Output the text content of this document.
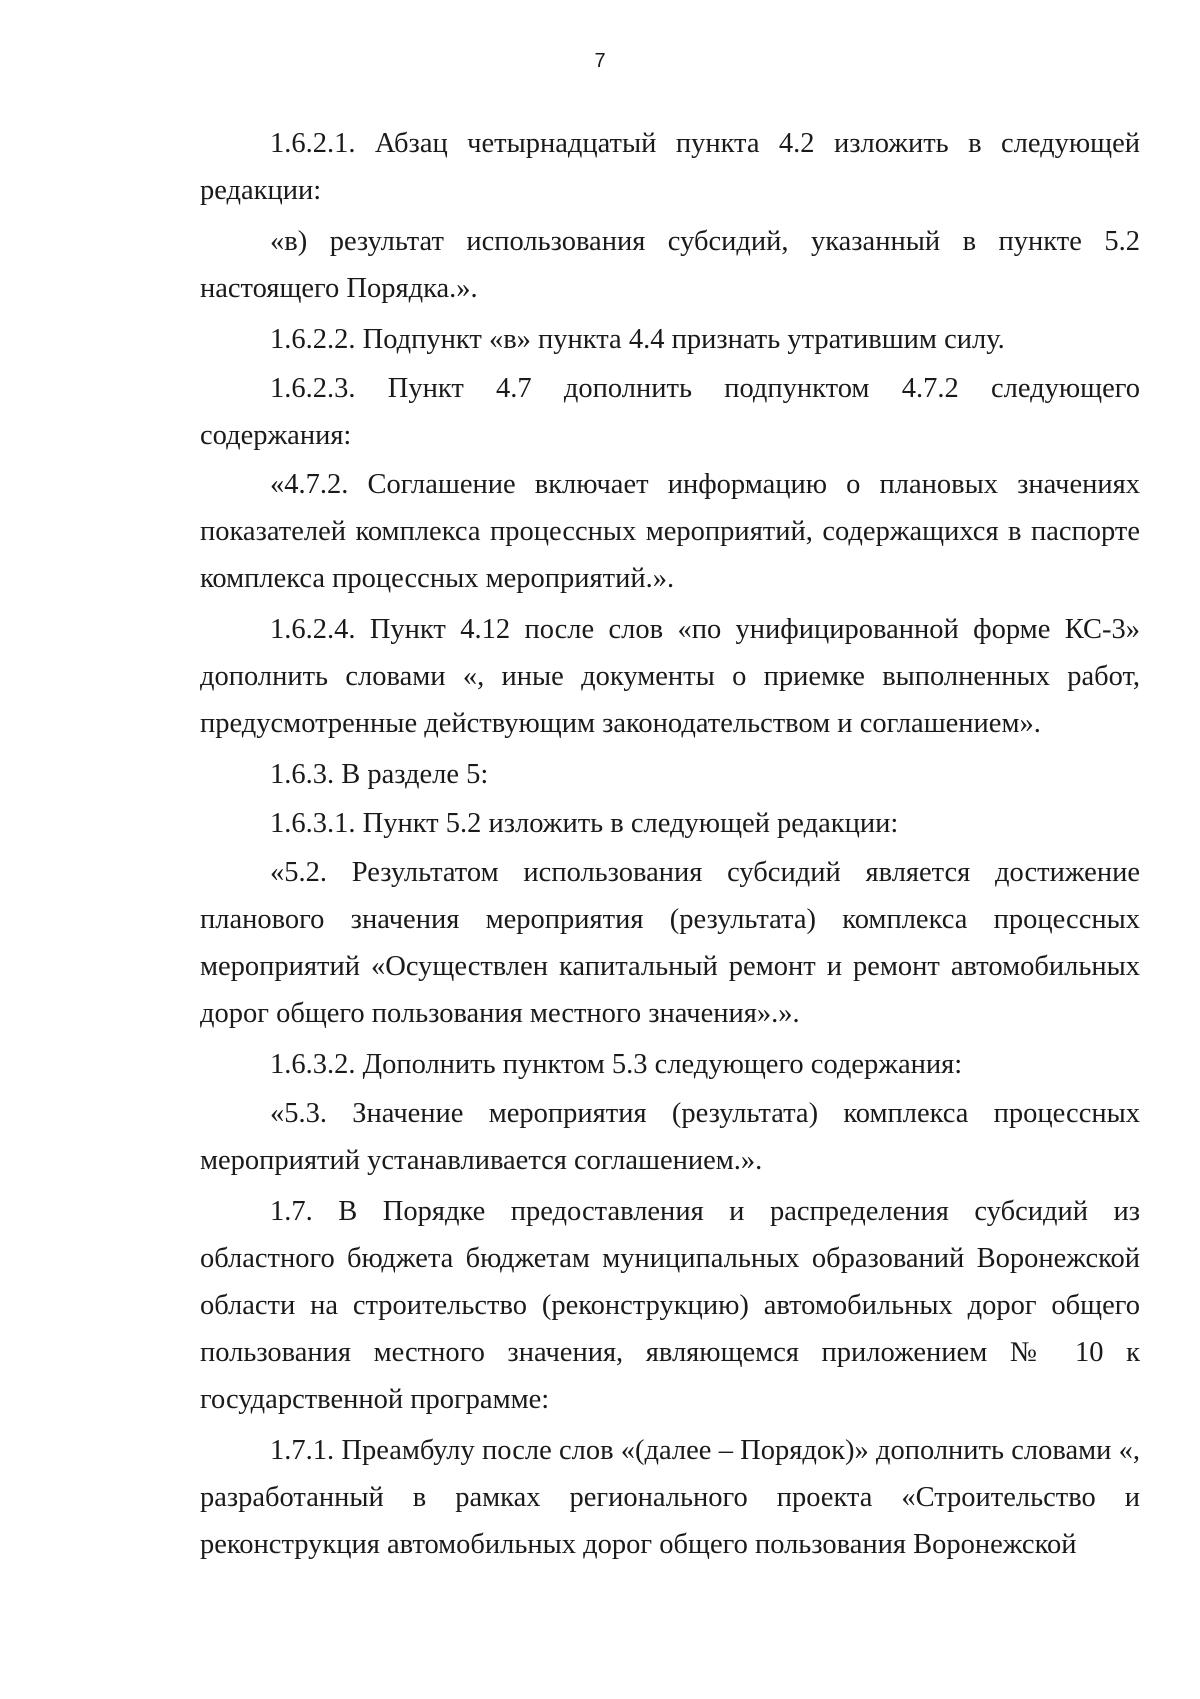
7

1.6.2.1. Абзац четырнадцатый пункта 4.2 изложить в следующей редакции:

«в) результат использования субсидий, указанный в пункте 5.2 настоящего Порядка.».

1.6.2.2. Подпункт «в» пункта 4.4 признать утратившим силу.

1.6.2.3. Пункт 4.7 дополнить подпунктом 4.7.2 следующего содержания:

«4.7.2. Соглашение включает информацию о плановых значениях показателей комплекса процессных мероприятий, содержащихся в паспорте комплекса процессных мероприятий.».

1.6.2.4. Пункт 4.12 после слов «по унифицированной форме КС-3» дополнить словами «, иные документы о приемке выполненных работ, предусмотренные действующим законодательством и соглашением».

1.6.3. В разделе 5:

1.6.3.1. Пункт 5.2 изложить в следующей редакции:

«5.2. Результатом использования субсидий является достижение планового значения мероприятия (результата) комплекса процессных мероприятий «Осуществлен капитальный ремонт и ремонт автомобильных дорог общего пользования местного значения».».

1.6.3.2. Дополнить пунктом 5.3 следующего содержания:

«5.3. Значение мероприятия (результата) комплекса процессных мероприятий устанавливается соглашением.».

1.7. В Порядке предоставления и распределения субсидий из областного бюджета бюджетам муниципальных образований Воронежской области на строительство (реконструкцию) автомобильных дорог общего пользования местного значения, являющемся приложением № 10 к государственной программе:

1.7.1. Преамбулу после слов «(далее – Порядок)» дополнить словами «, разработанный в рамках регионального проекта «Строительство и реконструкция автомобильных дорог общего пользования Воронежской
